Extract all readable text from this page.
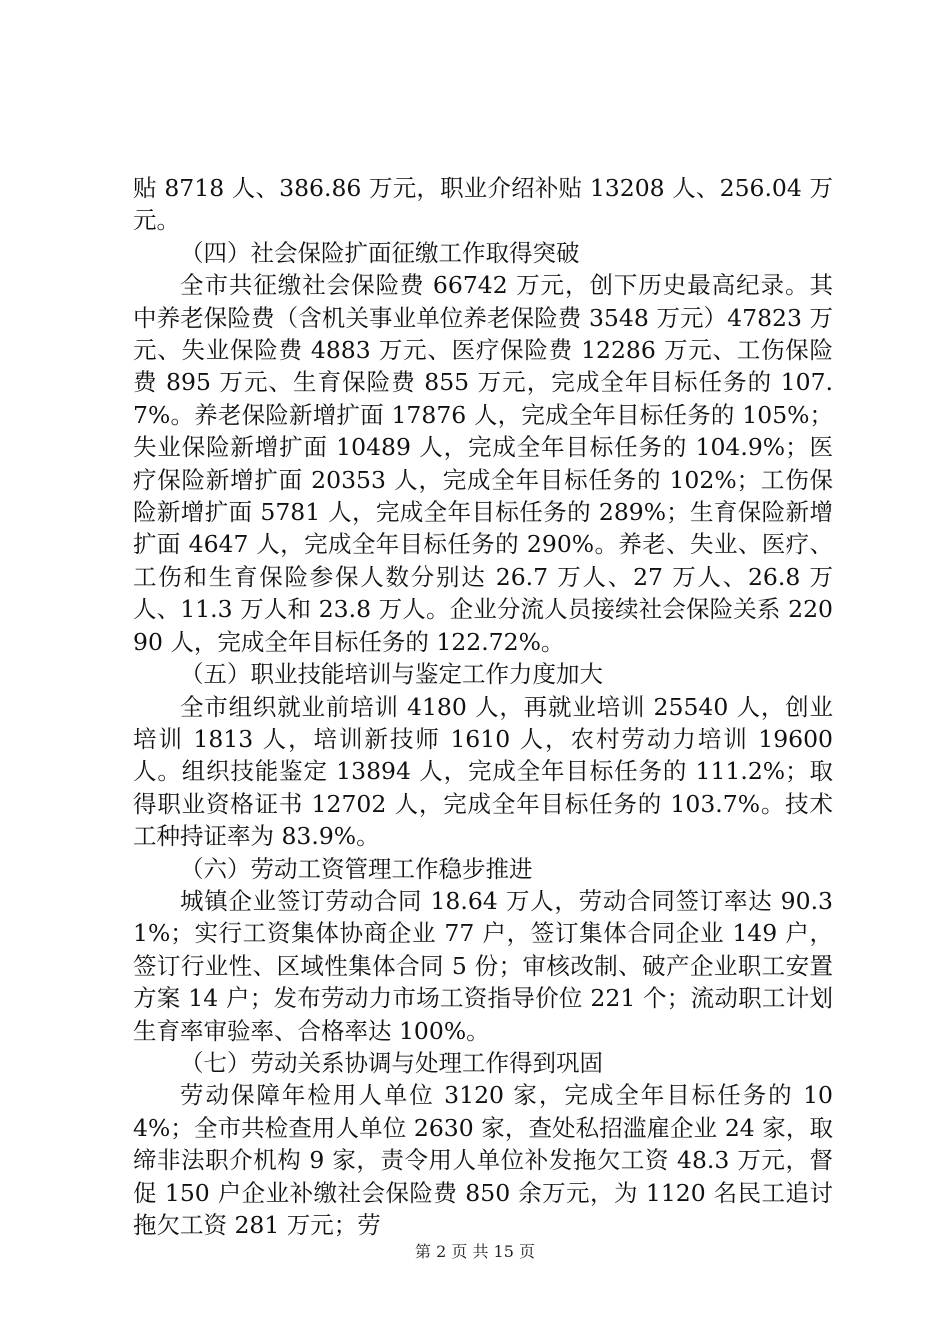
贴 8718 人、386.86 万元，职业介绍补贴 13208 人、256.04 万元。

（四）社会保险扩面征缴工作取得突破

全市共征缴社会保险费 66742 万元，创下历史最高纪录。其中养老保险费（含机关事业单位养老保险费 3548 万元）47823 万元、失业保险费 4883 万元、医疗保险费 12286 万元、工伤保险费 895 万元、生育保险费 855 万元，完成全年目标任务的 107.7%。养老保险新增扩面 17876 人，完成全年目标任务的 105%；失业保险新增扩面 10489 人，完成全年目标任务的 104.9%；医疗保险新增扩面 20353 人，完成全年目标任务的 102%；工伤保险新增扩面 5781 人，完成全年目标任务的 289%；生育保险新增扩面 4647 人，完成全年目标任务的 290%。养老、失业、医疗、工伤和生育保险参保人数分别达 26.7 万人、27 万人、26.8 万人、11.3 万人和 23.8 万人。企业分流人员接续社会保险关系 22090 人，完成全年目标任务的 122.72%。

（五）职业技能培训与鉴定工作力度加大

全市组织就业前培训 4180 人，再就业培训 25540 人，创业培训 1813 人，培训新技师 1610 人，农村劳动力培训 19600 人。组织技能鉴定 13894 人，完成全年目标任务的 111.2%；取得职业资格证书 12702 人，完成全年目标任务的 103.7%。技术工种持证率为 83.9%。

（六）劳动工资管理工作稳步推进

城镇企业签订劳动合同 18.64 万人，劳动合同签订率达 90.31%；实行工资集体协商企业 77 户，签订集体合同企业 149 户，签订行业性、区域性集体合同 5 份；审核改制、破产企业职工安置方案 14 户；发布劳动力市场工资指导价位 221 个；流动职工计划生育率审验率、合格率达 100%。

（七）劳动关系协调与处理工作得到巩固

劳动保障年检用人单位 3120 家，完成全年目标任务的 104%；全市共检查用人单位 2630 家，查处私招滥雇企业 24 家，取缔非法职介机构 9 家，责令用人单位补发拖欠工资 48.3 万元，督促 150 户企业补缴社会保险费 850 余万元，为 1120 名民工追讨拖欠工资 281 万元；劳

第 2 页 共 15 页
